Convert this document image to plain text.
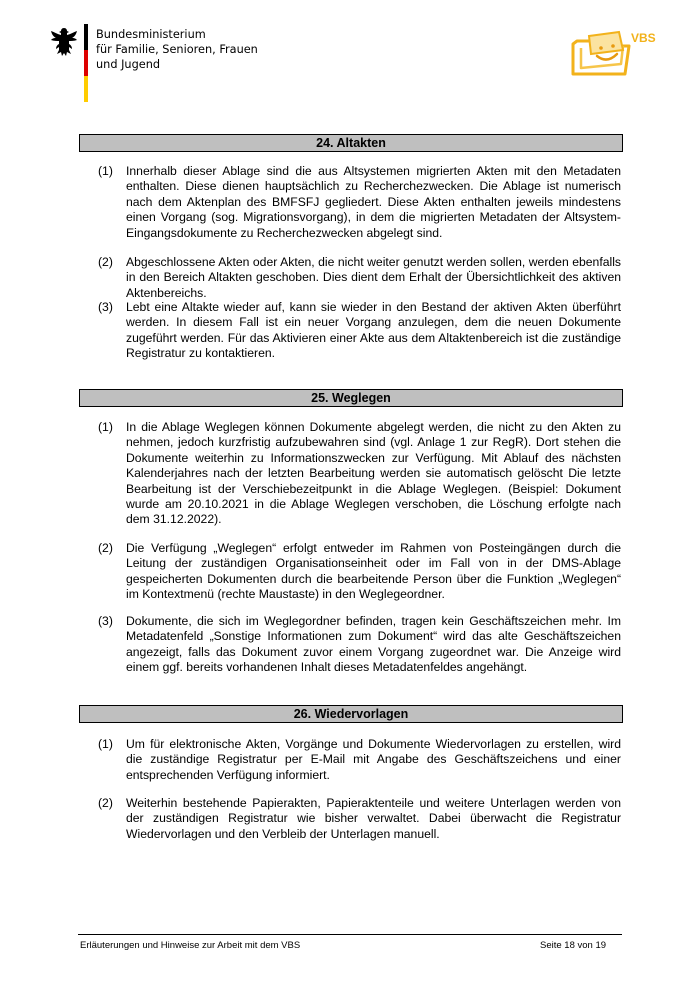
Bundesministerium
für Familie, Senioren, Frauen
und Jugend
VBS
24. Altakten
(1) Innerhalb dieser Ablage sind die aus Altsystemen migrierten Akten mit den Metadaten enthalten. Diese dienen hauptsächlich zu Recherchezwecken. Die Ablage ist numerisch nach dem Aktenplan des BMFSFJ gegliedert. Diese Akten enthalten jeweils mindestens einen Vorgang (sog. Migrationsvorgang), in dem die migrierten Metadaten der Altsystem-Eingangsdokumente zu Recherchezwecken abgelegt sind.
(2) Abgeschlossene Akten oder Akten, die nicht weiter genutzt werden sollen, werden ebenfalls in den Bereich Altakten geschoben. Dies dient dem Erhalt der Übersichtlichkeit des aktiven Aktenbereichs.
(3) Lebt eine Altakte wieder auf, kann sie wieder in den Bestand der aktiven Akten überführt werden. In diesem Fall ist ein neuer Vorgang anzulegen, dem die neuen Dokumente zugeführt werden. Für das Aktivieren einer Akte aus dem Altaktenbereich ist die zuständige Registratur zu kontaktieren.
25. Weglegen
(1) In die Ablage Weglegen können Dokumente abgelegt werden, die nicht zu den Akten zu nehmen, jedoch kurzfristig aufzubewahren sind (vgl. Anlage 1 zur RegR). Dort stehen die Dokumente weiterhin zu Informationszwecken zur Verfügung. Mit Ablauf des nächsten Kalenderjahres nach der letzten Bearbeitung werden sie automatisch gelöscht Die letzte Bearbeitung ist der Verschiebezeitpunkt in die Ablage Weglegen. (Beispiel: Dokument wurde am 20.10.2021 in die Ablage Weglegen verschoben, die Löschung erfolgte nach dem 31.12.2022).
(2) Die Verfügung „Weglegen“ erfolgt entweder im Rahmen von Posteingängen durch die Leitung der zuständigen Organisationseinheit oder im Fall von in der DMS-Ablage gespeicherten Dokumenten durch die bearbeitende Person über die Funktion „Weglegen“ im Kontextmenü (rechte Maustaste) in den Weglegeordner.
(3) Dokumente, die sich im Weglegordner befinden, tragen kein Geschäftszeichen mehr. Im Metadatenfeld „Sonstige Informationen zum Dokument“ wird das alte Geschäftszeichen angezeigt, falls das Dokument zuvor einem Vorgang zugeordnet war. Die Anzeige wird einem ggf. bereits vorhandenen Inhalt dieses Metadatenfeldes angehängt.
26. Wiedervorlagen
(1) Um für elektronische Akten, Vorgänge und Dokumente Wiedervorlagen zu erstellen, wird die zuständige Registratur per E-Mail mit Angabe des Geschäftszeichens und einer entsprechenden Verfügung informiert.
(2) Weiterhin bestehende Papierakten, Papieraktenteile und weitere Unterlagen werden von der zuständigen Registratur wie bisher verwaltet. Dabei überwacht die Registratur Wiedervorlagen und den Verbleib der Unterlagen manuell.
Erläuterungen und Hinweise zur Arbeit mit dem VBS	Seite 18 von 19
